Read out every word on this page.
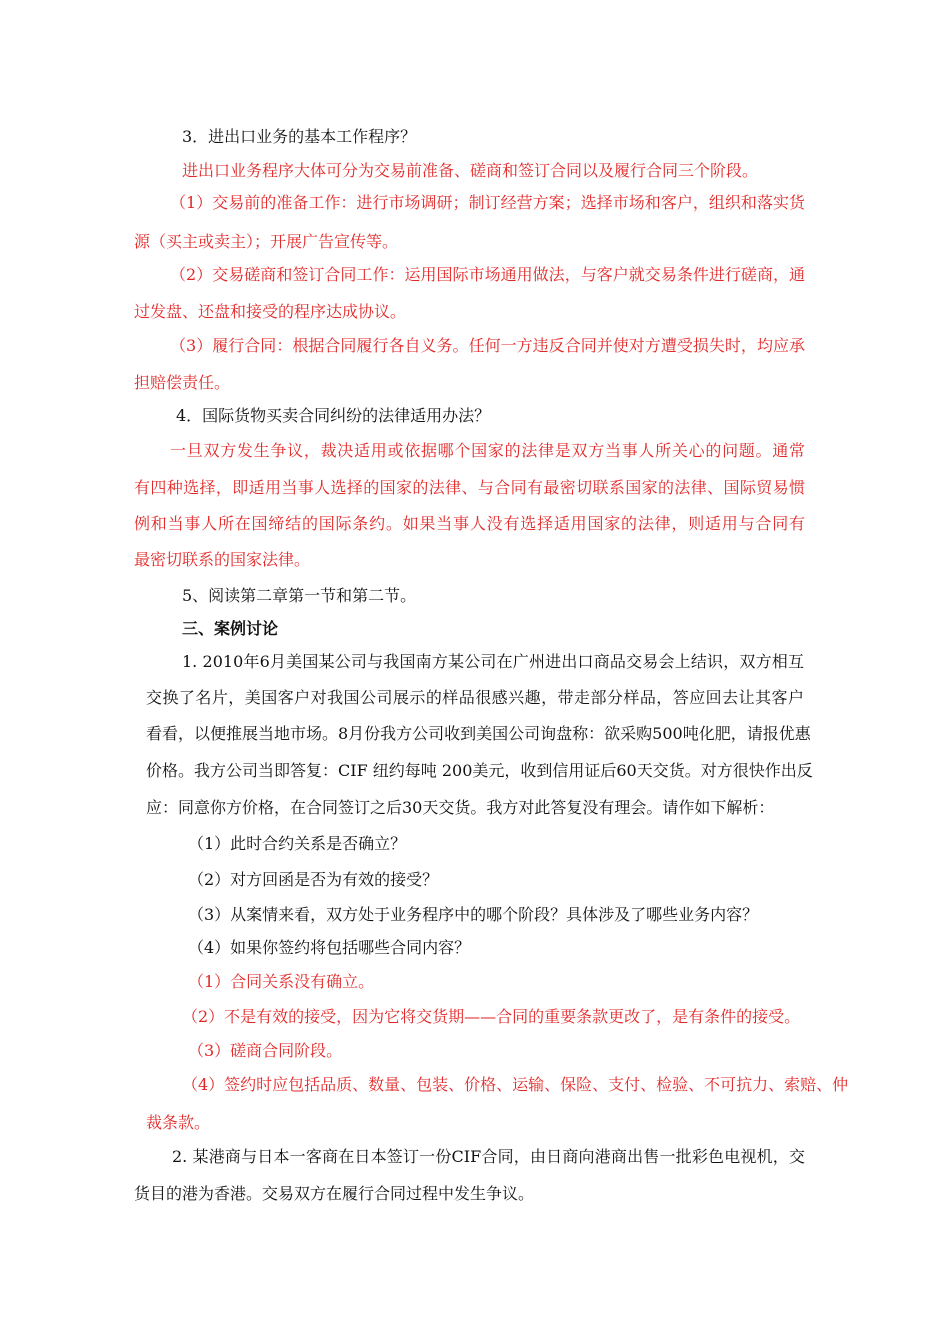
3．进出口业务的基本工作程序？
进出口业务程序大体可分为交易前准备、磋商和签订合同以及履行合同三个阶段。
（1）交易前的准备工作：进行市场调研；制订经营方案；选择市场和客户，组织和落实货
源（买主或卖主）；开展广告宣传等。
（2）交易磋商和签订合同工作：运用国际市场通用做法，与客户就交易条件进行磋商，通
过发盘、还盘和接受的程序达成协议。
（3）履行合同：根据合同履行各自义务。任何一方违反合同并使对方遭受损失时，均应承
担赔偿责任。
4．国际货物买卖合同纠纷的法律适用办法？
一旦双方发生争议，裁决适用或依据哪个国家的法律是双方当事人所关心的问题。通常
有四种选择，即适用当事人选择的国家的法律、与合同有最密切联系国家的法律、国际贸易惯
例和当事人所在国缔结的国际条约。如果当事人没有选择适用国家的法律，则适用与合同有
最密切联系的国家法律。
5、阅读第二章第一节和第二节。
三、案例讨论
1. 2010年6月美国某公司与我国南方某公司在广州进出口商品交易会上结识，双方相互
交换了名片，美国客户对我国公司展示的样品很感兴趣，带走部分样品，答应回去让其客户
看看，以便推展当地市场。8月份我方公司收到美国公司询盘称：欲采购500吨化肥，请报优惠
价格。我方公司当即答复：CIF 纽约每吨 200美元，收到信用证后60天交货。对方很快作出反
应：同意你方价格，在合同签订之后30天交货。我方对此答复没有理会。请作如下解析：
（1）此时合约关系是否确立？
（2）对方回函是否为有效的接受？
（3）从案情来看，双方处于业务程序中的哪个阶段？具体涉及了哪些业务内容？
（4）如果你签约将包括哪些合同内容？
（1）合同关系没有确立。
（2）不是有效的接受，因为它将交货期——合同的重要条款更改了，是有条件的接受。
（3）磋商合同阶段。
（4）签约时应包括品质、数量、包装、价格、运输、保险、支付、检验、不可抗力、索赔、仲
裁条款。
2. 某港商与日本一客商在日本签订一份CIF合同，由日商向港商出售一批彩色电视机，交
货目的港为香港。交易双方在履行合同过程中发生争议。
